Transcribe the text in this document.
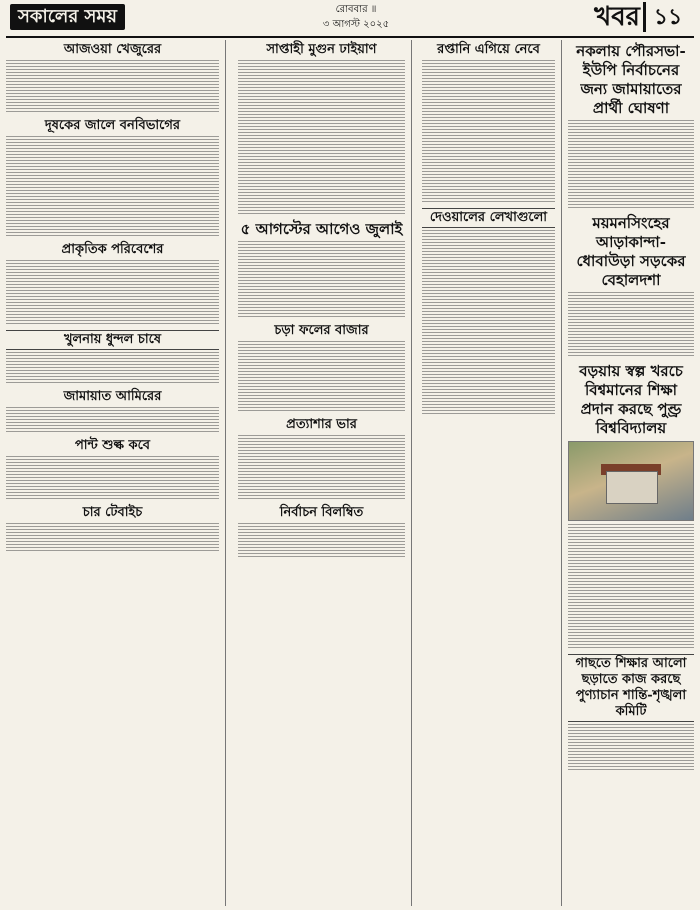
সকালের সময়	রোববার ॥
৩ আগস্ট ২০২৫	খবর ১১
আজওয়া খেজুরের
দূষকের জালে বনবিভাগের
প্রাকৃতিক পরিবেশের
খুলনায় ধুন্দল চাষে
জামায়াত আমিরের
পান্ট শুল্ক কবে
চার টেবাইচ
সাপ্তাহী মুগুন ঢাইয়াণ
৫ আগস্টের আগেও জুলাই
চড়া ফলের বাজার
প্রত্যাশার ভার
নির্বাচন বিলম্বিত
রপ্তানি এগিয়ে নেবে
দেওয়ালের লেখাগুলো
নকলায় পৌরসভা-ইউপি নির্বাচনের জন্য জামায়াতের প্রার্থী ঘোষণা
ময়মনসিংহের আড়াকান্দা-ধোবাউড়া সড়কের বেহালদশা
বড়য়ায় স্বল্প খরচে বিশ্বমানের শিক্ষা প্রদান করছে পুণ্ড্র বিশ্ববিদ্যালয়
গাছতে শিক্ষার আলো ছড়াতে কাজ করছে পুণ্যাচান শান্তি-শৃঙ্খলা কমিটি
